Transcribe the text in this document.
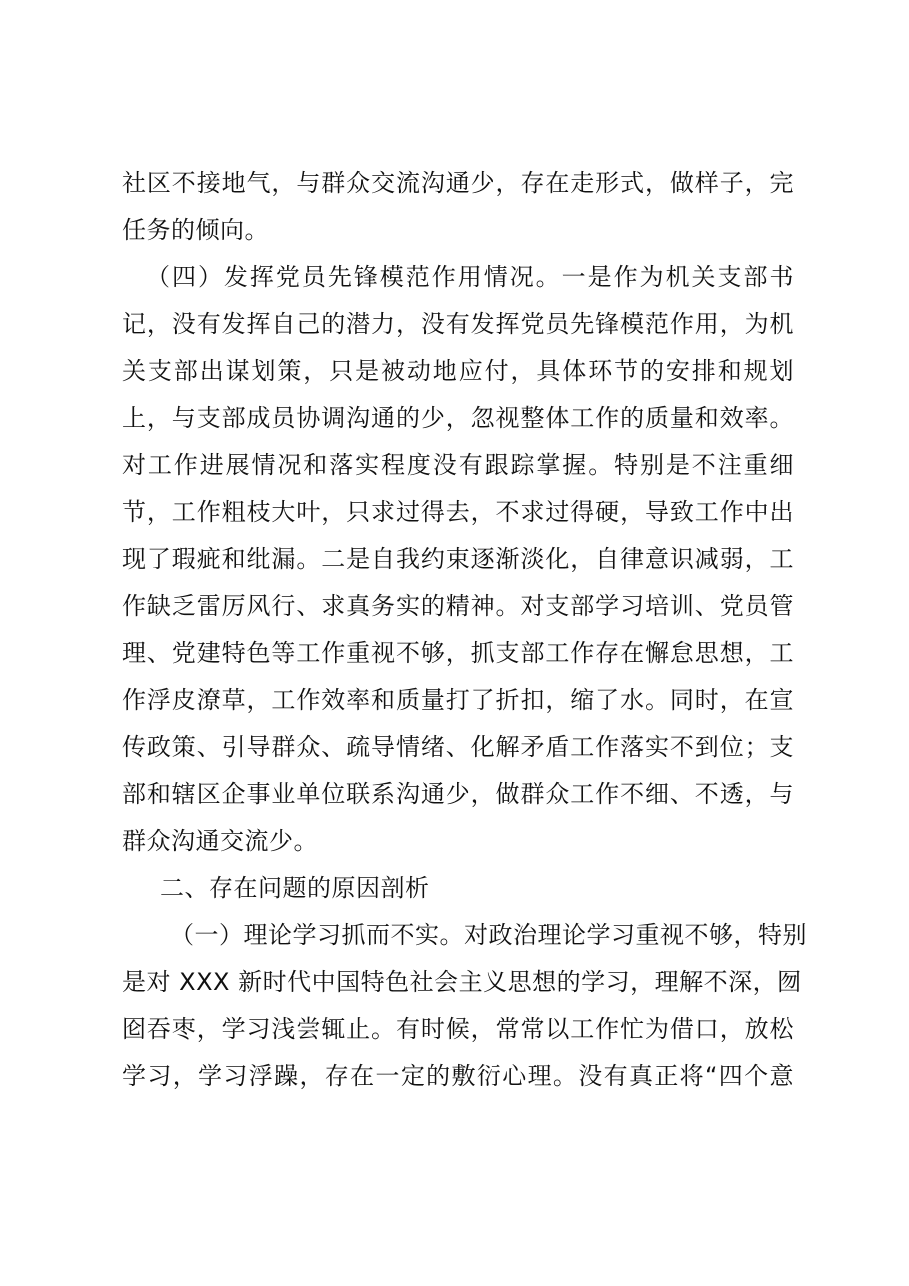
社区不接地气，与群众交流沟通少，存在走形式，做样子，完
任务的倾向。
（四）发挥党员先锋模范作用情况。一是作为机关支部书
记，没有发挥自己的潜力，没有发挥党员先锋模范作用，为机
关支部出谋划策，只是被动地应付，具体环节的安排和规划
上，与支部成员协调沟通的少，忽视整体工作的质量和效率。
对工作进展情况和落实程度没有跟踪掌握。特别是不注重细
节，工作粗枝大叶，只求过得去，不求过得硬，导致工作中出
现了瑕疵和纰漏。二是自我约束逐渐淡化，自律意识减弱，工
作缺乏雷厉风行、求真务实的精神。对支部学习培训、党员管
理、党建特色等工作重视不够，抓支部工作存在懈怠思想，工
作浮皮潦草，工作效率和质量打了折扣，缩了水。同时，在宣
传政策、引导群众、疏导情绪、化解矛盾工作落实不到位；支
部和辖区企事业单位联系沟通少，做群众工作不细、不透，与
群众沟通交流少。
二、存在问题的原因剖析
（一）理论学习抓而不实。对政治理论学习重视不够，特别
是对 XXX 新时代中国特色社会主义思想的学习，理解不深，囫
囵吞枣，学习浅尝辄止。有时候，常常以工作忙为借口，放松
学习，学习浮躁，存在一定的敷衍心理。没有真正将“四个意
